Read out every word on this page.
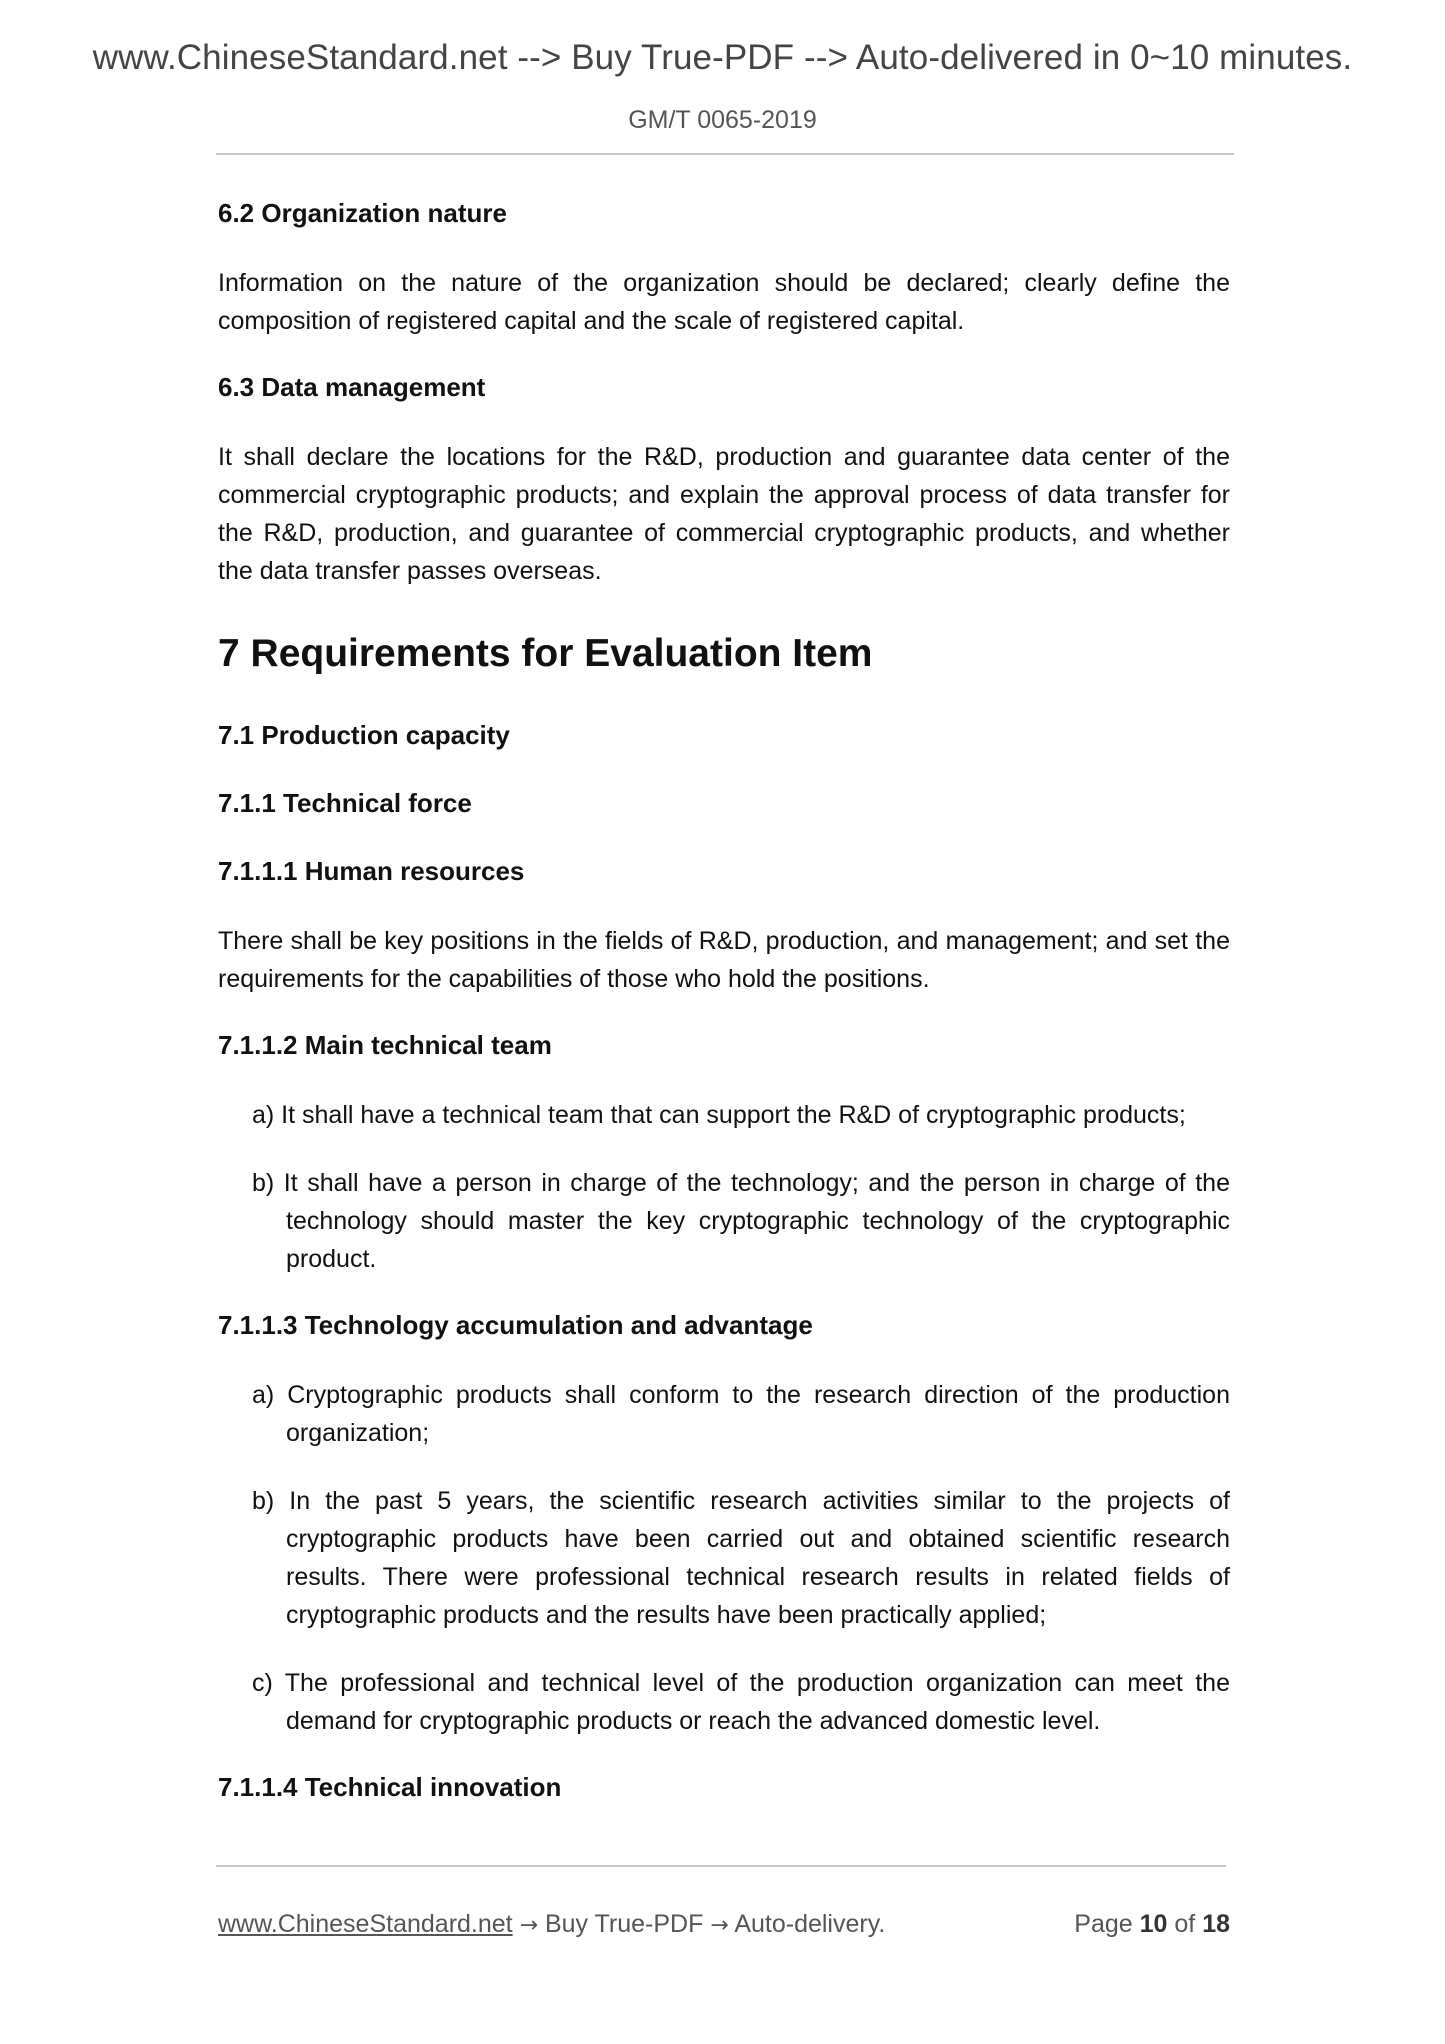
www.ChineseStandard.net --> Buy True-PDF --> Auto-delivered in 0~10 minutes.
GM/T 0065-2019
6.2 Organization nature
Information on the nature of the organization should be declared; clearly define the composition of registered capital and the scale of registered capital.
6.3 Data management
It shall declare the locations for the R&D, production and guarantee data center of the commercial cryptographic products; and explain the approval process of data transfer for the R&D, production, and guarantee of commercial cryptographic products, and whether the data transfer passes overseas.
7 Requirements for Evaluation Item
7.1 Production capacity
7.1.1 Technical force
7.1.1.1 Human resources
There shall be key positions in the fields of R&D, production, and management; and set the requirements for the capabilities of those who hold the positions.
7.1.1.2 Main technical team
a) It shall have a technical team that can support the R&D of cryptographic products;
b) It shall have a person in charge of the technology; and the person in charge of the technology should master the key cryptographic technology of the cryptographic product.
7.1.1.3 Technology accumulation and advantage
a) Cryptographic products shall conform to the research direction of the production organization;
b) In the past 5 years, the scientific research activities similar to the projects of cryptographic products have been carried out and obtained scientific research results. There were professional technical research results in related fields of cryptographic products and the results have been practically applied;
c) The professional and technical level of the production organization can meet the demand for cryptographic products or reach the advanced domestic level.
7.1.1.4 Technical innovation
www.ChineseStandard.net → Buy True-PDF → Auto-delivery.	Page 10 of 18
